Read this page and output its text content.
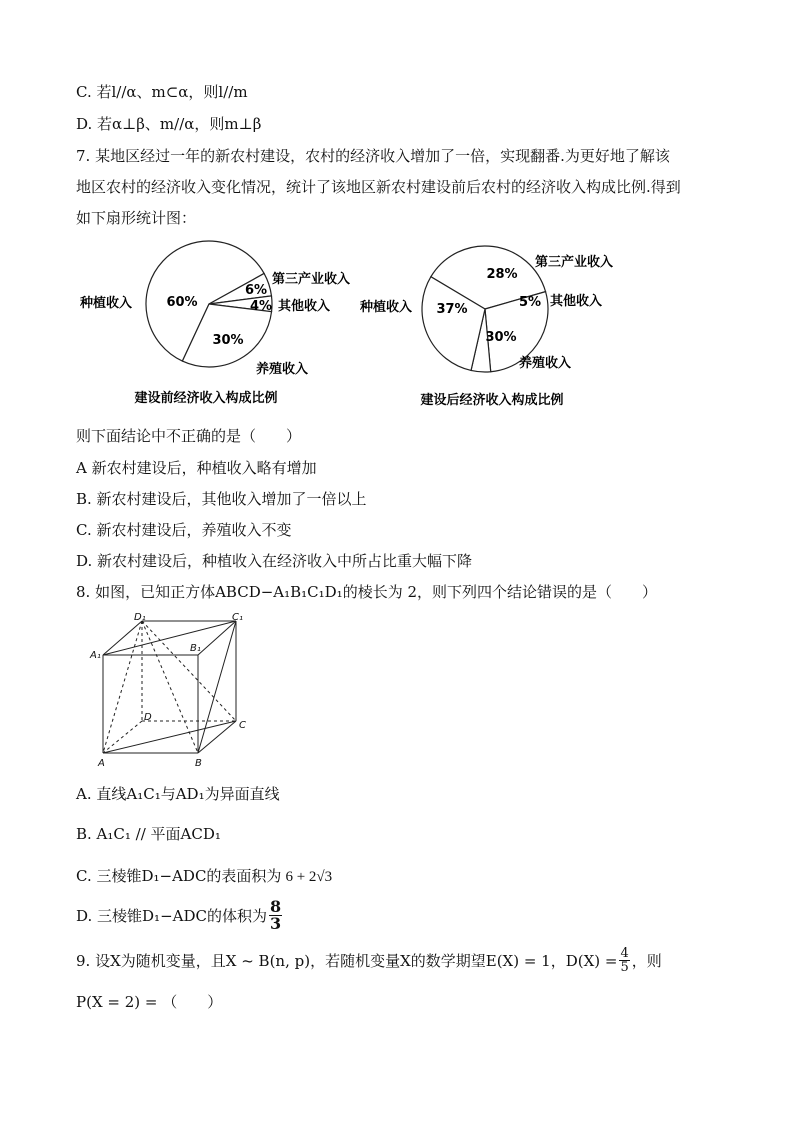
C. 若l//α、m⊂α，则l//m
D. 若α⊥β、m//α，则m⊥β
7. 某地区经过一年的新农村建设，农村的经济收入增加了一倍，实现翻番.为更好地了解该
地区农村的经济收入变化情况，统计了该地区新农村建设前后农村的经济收入构成比例.得到
如下扇形统计图：
60%
6%
4%
30%
种植收入
第三产业收入
其他收入
养殖收入
37%
28%
5%
30%
种植收入
第三产业收入
其他收入
养殖收入
建设前经济收入构成比例	建设后经济收入构成比例
则下面结论中不正确的是（　　）
A 新农村建设后，种植收入略有增加
B. 新农村建设后，其他收入增加了一倍以上
C. 新农村建设后，养殖收入不变
D. 新农村建设后，种植收入在经济收入中所占比重大幅下降
8. 如图，已知正方体ABCD−A₁B₁C₁D₁的棱长为 2，则下列四个结论错误的是（　　）
D₁	C₁
A₁
B₁
D
C
A	B
A. 直线A₁C₁与AD₁为异面直线
B. A₁C₁ // 平面ACD₁
C. 三棱锥D₁−ADC的表面积为 6 + 2√3
D. 三棱锥D₁−ADC的体积为 $\frac{8}{3}$
9. 设X为随机变量，且X ~ B(n, p)，若随机变量X的数学期望E(X) = 1，$D(X) = \frac{4}{5}$ ，则
P(X = 2) = （　　）
